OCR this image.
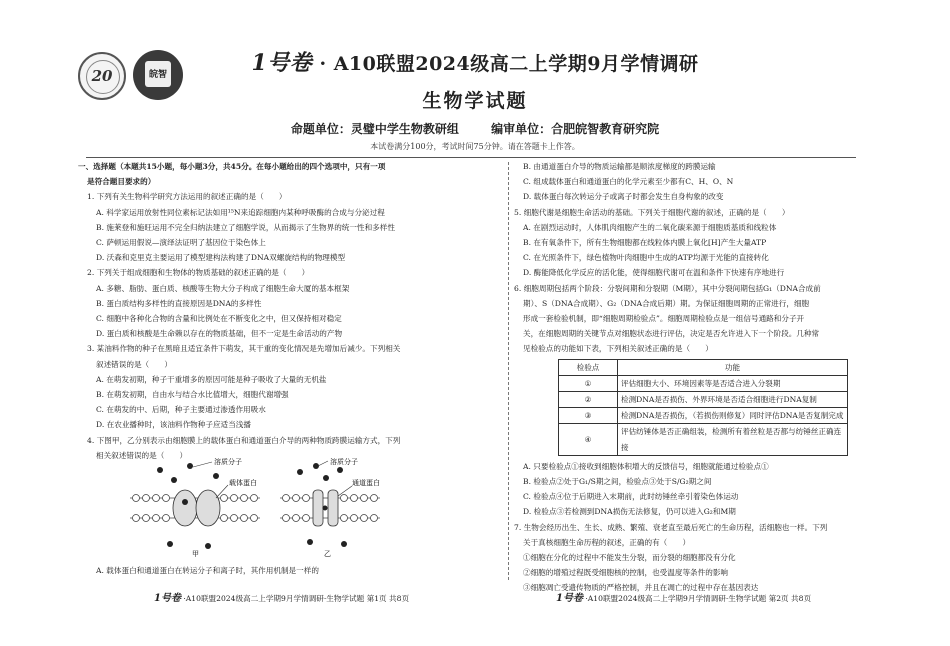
20	皖智	1号卷 · A10联盟2024级高二上学期9月学情调研
生物学试题
命题单位：灵璧中学生物教研组	编审单位：合肥皖智教育研究院
本试卷满分100分，考试时间75分钟。请在答题卡上作答。
一、选择题（本题共15小题，每小题3分，共45分。在每小题给出的四个选项中，只有一项
是符合题目要求的）
1. 下列有关生物科学研究方法运用的叙述正确的是（　　）
A. 科学家运用放射性同位素标记法如用¹⁵N来追踪细胞内某种呼吸酶的合成与分泌过程
B. 施莱登和施旺运用不完全归纳法建立了细胞学说，从而揭示了生物界的统一性和多样性
C. 萨顿运用假说—演绎法证明了基因位于染色体上
D. 沃森和克里克主要运用了模型建构法构建了DNA双螺旋结构的物理模型
2. 下列关于组成细胞和生物体的物质基础的叙述正确的是（　　）
A. 多糖、脂肪、蛋白质、核酸等生物大分子构成了细胞生命大厦的基本框架
B. 蛋白质结构多样性的直接原因是DNA的多样性
C. 细胞中各种化合物的含量和比例处在不断变化之中，但又保持相对稳定
D. 蛋白质和核酸是生命赖以存在的物质基础，但不一定是生命活动的产物
3. 某油料作物的种子在黑暗且适宜条件下萌发，其干重的变化情况是先增加后减少。下列相关
叙述错误的是（　　）
A. 在萌发初期，种子干重增多的原因可能是种子吸收了大量的无机盐
B. 在萌发初期，自由水与结合水比值增大，细胞代谢增强
C. 在萌发的中、后期，种子主要通过渗透作用吸水
D. 在农业播种时，该油料作物种子应适当浅播
4. 下图甲，乙分别表示由细胞膜上的载体蛋白和通道蛋白介导的两种物质跨膜运输方式，下列
相关叙述错误的是（　　）
溶质分子
载体蛋白
甲
溶质分子
通道蛋白
乙
A. 载体蛋白和通道蛋白在转运分子和离子时，其作用机制是一样的
B. 由通道蛋白介导的物质运输都是顺浓度梯度的跨膜运输
C. 组成载体蛋白和通道蛋白的化学元素至少都有C、H、O、N
D. 载体蛋白每次转运分子或离子时都会发生自身构象的改变
5. 细胞代谢是细胞生命活动的基础。下列关于细胞代谢的叙述，正确的是（　　）
A. 在剧烈运动时，人体肌肉细胞产生的二氧化碳来源于细胞质基质和线粒体
B. 在有氧条件下，所有生物细胞都在线粒体内膜上氧化[H]产生大量ATP
C. 在光照条件下，绿色植物叶肉细胞中生成的ATP均源于光能的直接转化
D. 酶能降低化学反应的活化能，使得细胞代谢可在温和条件下快速有序地进行
6. 细胞周期包括两个阶段：分裂间期和分裂期（M期），其中分裂间期包括G₁（DNA合成前
期）、S（DNA合成期）、G₂（DNA合成后期）期。为保证细胞周期的正常进行，细胞
形成一套检验机制，即“细胞周期检验点”。细胞周期检验点是一组信号通路和分子开
关，在细胞周期的关键节点对细胞状态进行评估，决定是否允许进入下一个阶段。几种常
见检验点的功能如下表，下列相关叙述正确的是（　　）
检验点	功能
①	评估细胞大小、环境因素等是否适合进入分裂期
②	检测DNA是否损伤、外界环境是否适合细胞进行DNA复制
③	检测DNA是否损伤，（若损伤则修复）同时评估DNA是否复制完成
④	评估纺锤体是否正确组装，检测所有着丝粒是否都与纺锤丝正确连接
A. 只要检验点①接收到细胞体积增大的反馈信号，细胞就能通过检验点①
B. 检验点②处于G₁/S期之间，检验点③处于S/G₂期之间
C. 检验点④位于后期进入末期前，此时纺锤丝牵引着染色体运动
D. 检验点③若检测到DNA损伤无法修复，仍可以进入G₂和M期
7. 生物会经历出生、生长、成熟、繁殖、衰老直至最后死亡的生命历程，活细胞也一样。下列
关于真核细胞生命历程的叙述，正确的有（　　）
①细胞在分化的过程中不能发生分裂，而分裂的细胞都没有分化
②细胞的增殖过程既受细胞核的控制，也受温度等条件的影响
③细胞凋亡受遗传物质的严格控制，并且在凋亡的过程中存在基因表达
1号卷 ·A10联盟2024级高二上学期9月学情调研·生物学试题 第1页 共8页	1号卷 ·A10联盟2024级高二上学期9月学情调研·生物学试题 第2页 共8页
